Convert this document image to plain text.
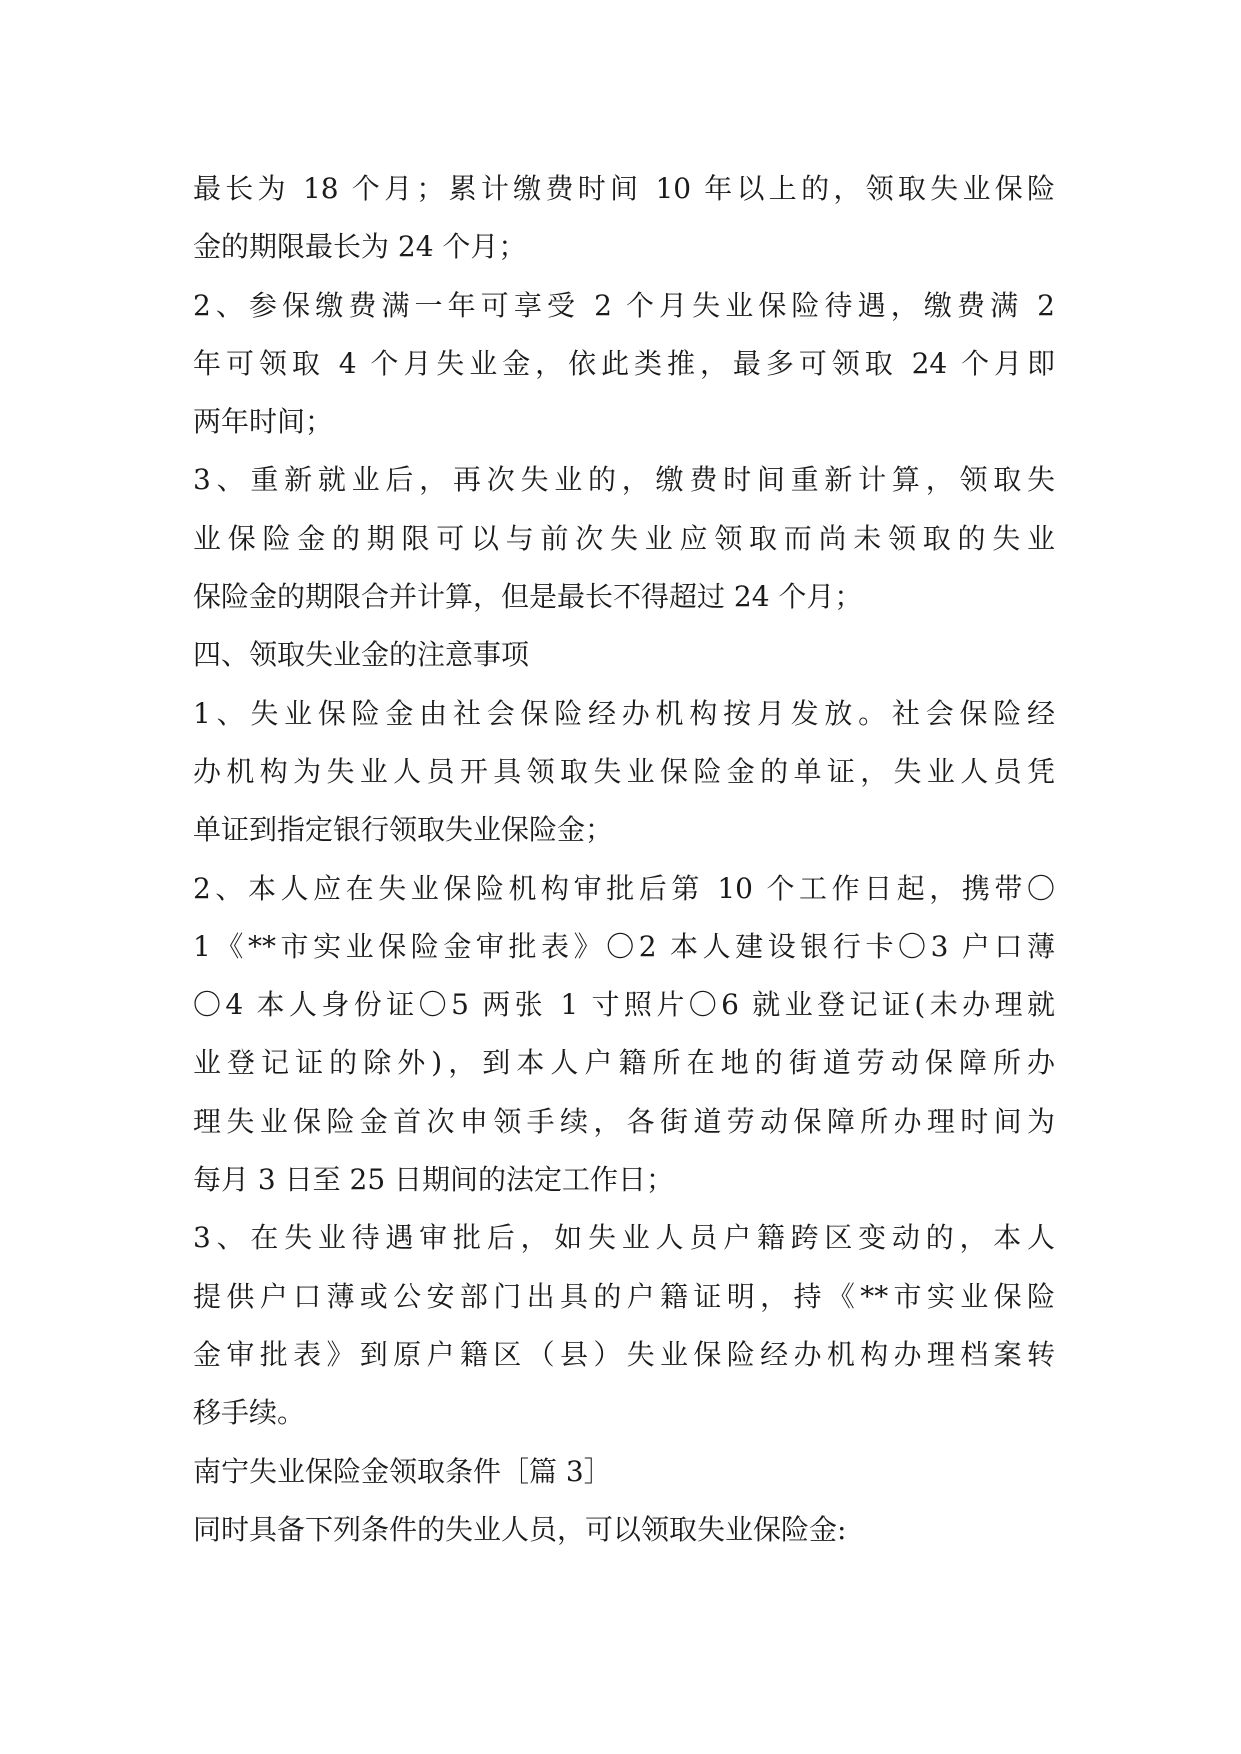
最长为 18 个月；累计缴费时间 10 年以上的，领取失业保险
金的期限最长为 24 个月；
2、参保缴费满一年可享受 2 个月失业保险待遇，缴费满 2
年可领取 4 个月失业金，依此类推，最多可领取 24 个月即
两年时间；
3、重新就业后，再次失业的，缴费时间重新计算，领取失
业保险金的期限可以与前次失业应领取而尚未领取的失业
保险金的期限合并计算，但是最长不得超过 24 个月；
四、领取失业金的注意事项
1、失业保险金由社会保险经办机构按月发放。社会保险经
办机构为失业人员开具领取失业保险金的单证，失业人员凭
单证到指定银行领取失业保险金；
2、本人应在失业保险机构审批后第 10 个工作日起，携带〇
1《**市实业保险金审批表》〇2 本人建设银行卡〇3 户口薄
〇4 本人身份证〇5 两张 1 寸照片〇6 就业登记证(未办理就
业登记证的除外)，到本人户籍所在地的街道劳动保障所办
理失业保险金首次申领手续，各街道劳动保障所办理时间为
每月 3 日至 25 日期间的法定工作日；
3、在失业待遇审批后，如失业人员户籍跨区变动的，本人
提供户口薄或公安部门出具的户籍证明，持《**市实业保险
金审批表》到原户籍区（县）失业保险经办机构办理档案转
移手续。
南宁失业保险金领取条件［篇 3］
同时具备下列条件的失业人员，可以领取失业保险金:
